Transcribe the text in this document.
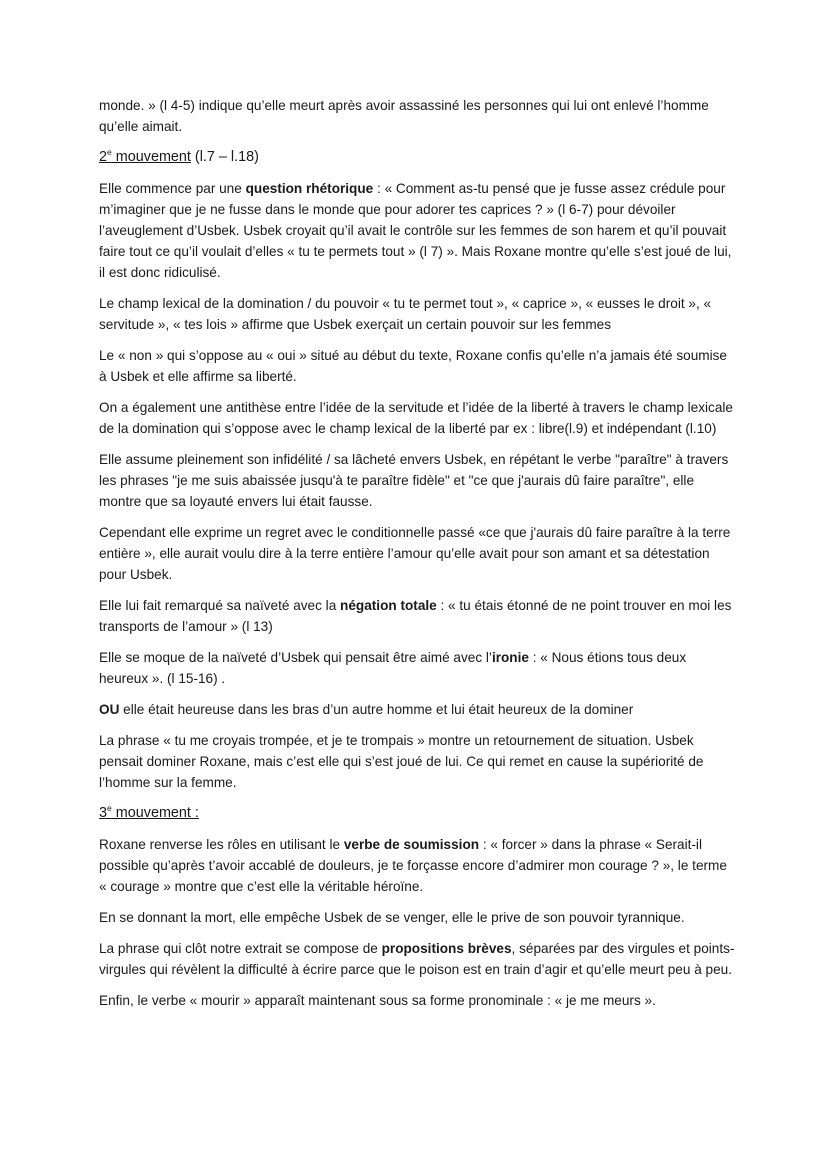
monde. » (l 4-5) indique qu’elle meurt après avoir assassiné les personnes qui lui ont enlevé l’homme qu’elle aimait.

2e mouvement (l.7 – l.18)

Elle commence par une question rhétorique : « Comment as-tu pensé que je fusse assez crédule pour m’imaginer que je ne fusse dans le monde que pour adorer tes caprices ? » (l 6-7) pour dévoiler l’aveuglement d’Usbek. Usbek croyait qu’il avait le contrôle sur les femmes de son harem et qu’il pouvait faire tout ce qu’il voulait d’elles « tu te permets tout » (l 7) ». Mais Roxane montre qu’elle s’est joué de lui, il est donc ridiculisé.

Le champ lexical de la domination / du pouvoir « tu te permet tout », « caprice », « eusses le droit », « servitude », « tes lois » affirme que Usbek exerçait un certain pouvoir sur les femmes

Le « non » qui s’oppose au « oui » situé au début du texte, Roxane confis qu’elle n’a jamais été soumise à Usbek et elle affirme sa liberté.

On a également une antithèse entre l’idée de la servitude et l’idée de la liberté à travers le champ lexicale de la domination qui s’oppose avec le champ lexical de la liberté par ex : libre(l.9) et indépendant (l.10)

Elle assume pleinement son infidélité / sa lâcheté envers Usbek, en répétant le verbe "paraître" à travers les phrases "je me suis abaissée jusqu'à te paraître fidèle" et "ce que j'aurais dû faire paraître", elle montre que sa loyauté envers lui était fausse.

Cependant elle exprime un regret avec le conditionnelle passé «ce que j'aurais dû faire paraître à la terre entière », elle aurait voulu dire à la terre entière l’amour qu’elle avait pour son amant et sa détestation pour Usbek.

Elle lui fait remarqué sa naïveté avec la négation totale : « tu étais étonné de ne point trouver en moi les transports de l’amour » (l 13)

Elle se moque de la naïveté d’Usbek qui pensait être aimé avec l’ironie : « Nous étions tous deux heureux ». (l 15-16) .

OU elle était heureuse dans les bras d’un autre homme et lui était heureux de la dominer

La phrase « tu me croyais trompée, et je te trompais » montre un retournement de situation. Usbek pensait dominer Roxane, mais c’est elle qui s’est joué de lui. Ce qui remet en cause la supériorité de l’homme sur la femme.

3e mouvement :

Roxane renverse les rôles en utilisant le verbe de soumission : « forcer » dans la phrase « Serait-il possible qu’après t’avoir accablé de douleurs, je te forçasse encore d’admirer mon courage ? », le terme « courage » montre que c’est elle la véritable héroïne.

En se donnant la mort, elle empêche Usbek de se venger, elle le prive de son pouvoir tyrannique.

La phrase qui clôt notre extrait se compose de propositions brèves, séparées par des virgules et points-virgules qui révèlent la difficulté à écrire parce que le poison est en train d’agir et qu’elle meurt peu à peu.

Enfin, le verbe « mourir » apparaît maintenant sous sa forme pronominale : « je me meurs ».
